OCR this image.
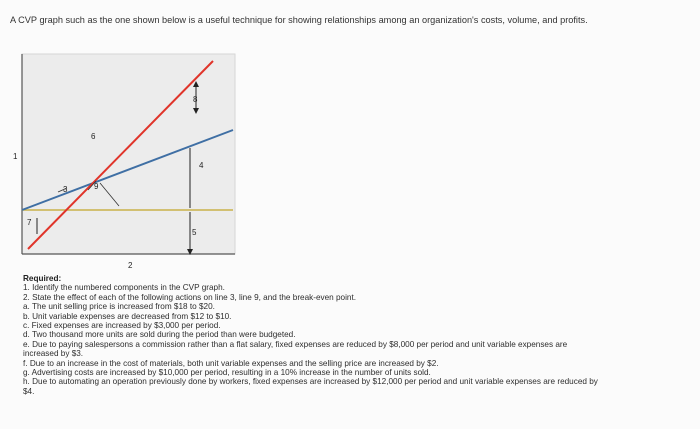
A CVP graph such as the one shown below is a useful technique for showing relationships among an organization's costs, volume, and profits.
1
2
3
4
5
6
7
8
9
Required:
1. Identify the numbered components in the CVP graph.
2. State the effect of each of the following actions on line 3, line 9, and the break-even point.
a. The unit selling price is increased from $18 to $20.
b. Unit variable expenses are decreased from $12 to $10.
c. Fixed expenses are increased by $3,000 per period.
d. Two thousand more units are sold during the period than were budgeted.
e. Due to paying salespersons a commission rather than a flat salary, fixed expenses are reduced by $8,000 per period and unit variable expenses are increased by $3.
f. Due to an increase in the cost of materials, both unit variable expenses and the selling price are increased by $2.
g. Advertising costs are increased by $10,000 per period, resulting in a 10% increase in the number of units sold.
h. Due to automating an operation previously done by workers, fixed expenses are increased by $12,000 per period and unit variable expenses are reduced by $4.
